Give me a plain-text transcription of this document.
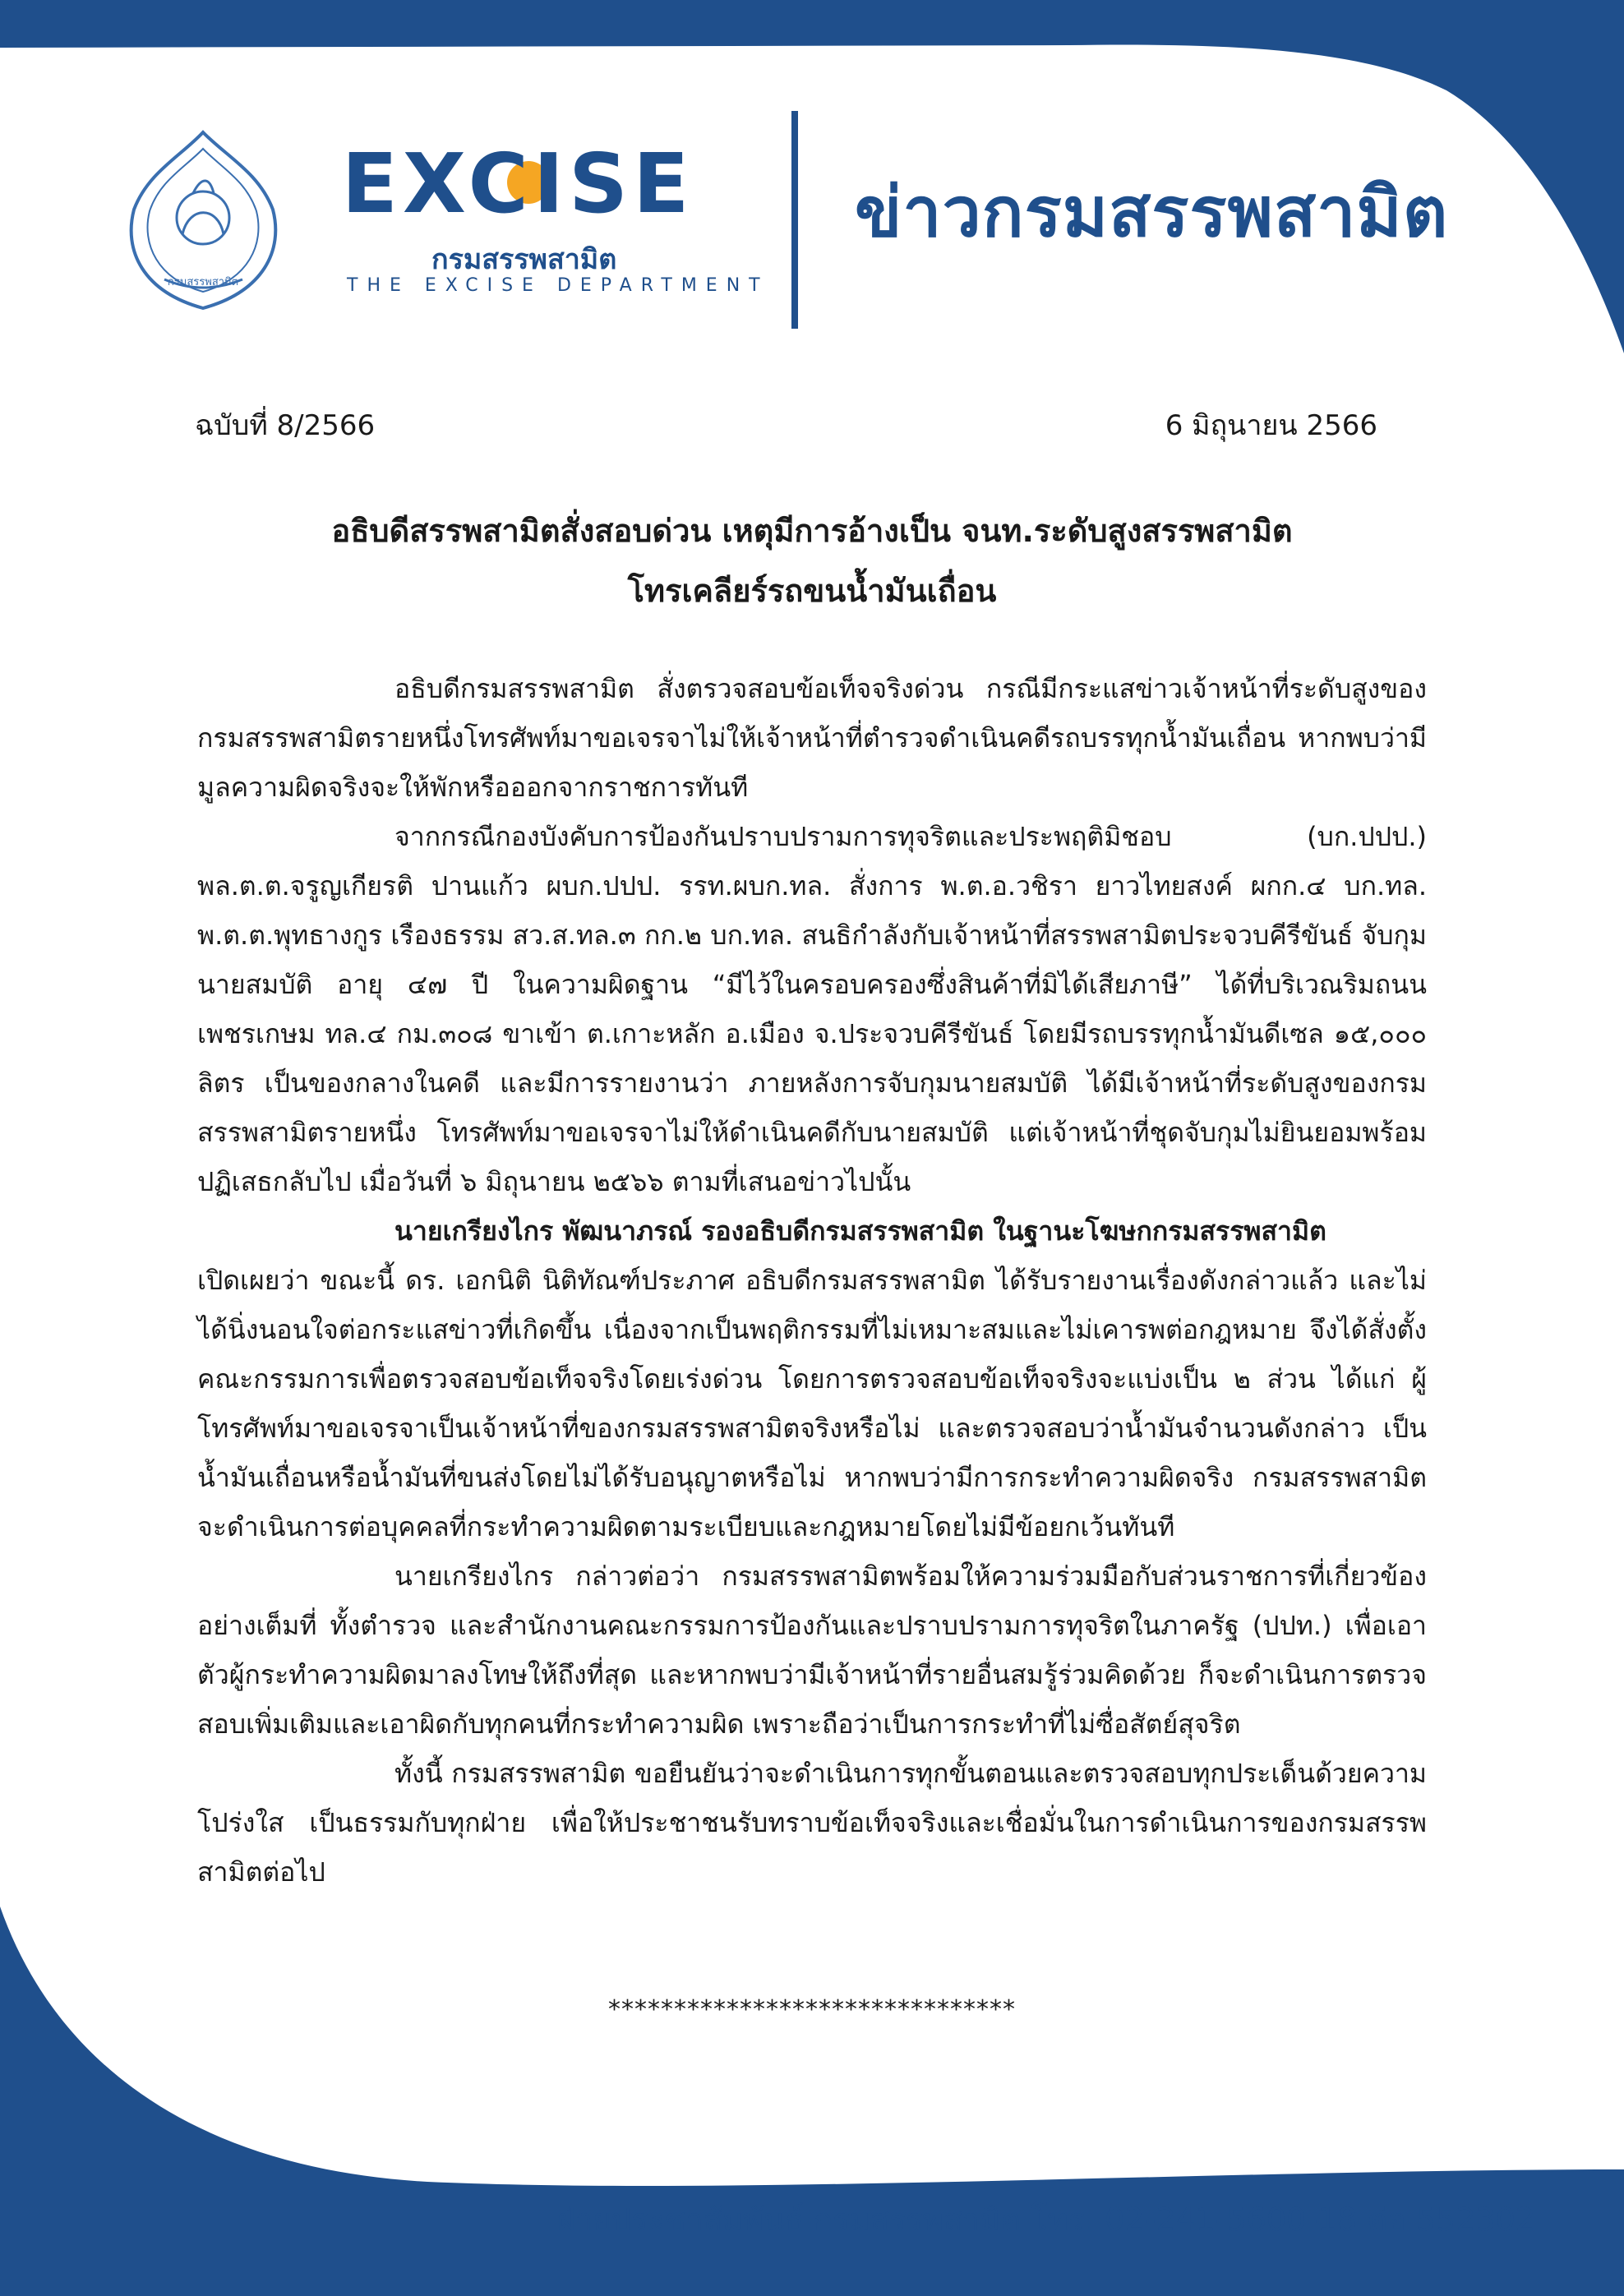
กรมสรรพสามิต
EXCISE
กรมสรรพสามิต
THE EXCISE DEPARTMENT
ข่าวกรมสรรพสามิต
ฉบับที่ 8/2566	6 มิถุนายน 2566
อธิบดีสรรพสามิตสั่งสอบด่วน เหตุมีการอ้างเป็น จนท.ระดับสูงสรรพสามิต
โทรเคลียร์รถขนน้ำมันเถื่อน

อธิบดีกรมสรรพสามิต สั่งตรวจสอบข้อเท็จจริงด่วน กรณีมีกระแสข่าวเจ้าหน้าที่ระดับสูงของกรมสรรพสามิตรายหนึ่งโทรศัพท์มาขอเจรจาไม่ให้เจ้าหน้าที่ตำรวจดำเนินคดีรถบรรทุกน้ำมันเถื่อน หากพบว่ามีมูลความผิดจริงจะให้พักหรือออกจากราชการทันที

จากกรณีกองบังคับการป้องกันปราบปรามการทุจริตและประพฤติมิชอบ (บก.ปปป.) พล.ต.ต.จรูญเกียรติ ปานแก้ว ผบก.ปปป. รรท.ผบก.ทล. สั่งการ พ.ต.อ.วชิรา ยาวไทยสงค์ ผกก.๔ บก.ทล. พ.ต.ต.พุทธางกูร เรืองธรรม สว.ส.ทล.๓ กก.๒ บก.ทล. สนธิกำลังกับเจ้าหน้าที่สรรพสามิตประจวบคีรีขันธ์ จับกุม นายสมบัติ อายุ ๔๗ ปี ในความผิดฐาน “มีไว้ในครอบครองซึ่งสินค้าที่มิได้เสียภาษี” ได้ที่บริเวณริมถนนเพชรเกษม ทล.๔ กม.๓๐๘ ขาเข้า ต.เกาะหลัก อ.เมือง จ.ประจวบคีรีขันธ์ โดยมีรถบรรทุกน้ำมันดีเซล ๑๕,๐๐๐ ลิตร เป็นของกลางในคดี และมีการรายงานว่า ภายหลังการจับกุมนายสมบัติ ได้มีเจ้าหน้าที่ระดับสูงของกรมสรรพสามิตรายหนึ่ง โทรศัพท์มาขอเจรจาไม่ให้ดำเนินคดีกับนายสมบัติ แต่เจ้าหน้าที่ชุดจับกุมไม่ยินยอมพร้อมปฏิเสธกลับไป เมื่อวันที่ ๖ มิถุนายน ๒๕๖๖ ตามที่เสนอข่าวไปนั้น

นายเกรียงไกร พัฒนาภรณ์ รองอธิบดีกรมสรรพสามิต ในฐานะโฆษกกรมสรรพสามิต
เปิดเผยว่า ขณะนี้ ดร. เอกนิติ นิติทัณฑ์ประภาศ อธิบดีกรมสรรพสามิต ได้รับรายงานเรื่องดังกล่าวแล้ว และไม่ได้นิ่งนอนใจต่อกระแสข่าวที่เกิดขึ้น เนื่องจากเป็นพฤติกรรมที่ไม่เหมาะสมและไม่เคารพต่อกฎหมาย จึงได้สั่งตั้งคณะกรรมการเพื่อตรวจสอบข้อเท็จจริงโดยเร่งด่วน โดยการตรวจสอบข้อเท็จจริงจะแบ่งเป็น ๒ ส่วน ได้แก่ ผู้โทรศัพท์มาขอเจรจาเป็นเจ้าหน้าที่ของกรมสรรพสามิตจริงหรือไม่ และตรวจสอบว่าน้ำมันจำนวนดังกล่าว เป็นน้ำมันเถื่อนหรือน้ำมันที่ขนส่งโดยไม่ได้รับอนุญาตหรือไม่ หากพบว่ามีการกระทำความผิดจริง กรมสรรพสามิตจะดำเนินการต่อบุคคลที่กระทำความผิดตามระเบียบและกฎหมายโดยไม่มีข้อยกเว้นทันที

นายเกรียงไกร กล่าวต่อว่า กรมสรรพสามิตพร้อมให้ความร่วมมือกับส่วนราชการที่เกี่ยวข้องอย่างเต็มที่ ทั้งตำรวจ และสำนักงานคณะกรรมการป้องกันและปราบปรามการทุจริตในภาครัฐ (ปปท.) เพื่อเอาตัวผู้กระทำความผิดมาลงโทษให้ถึงที่สุด และหากพบว่ามีเจ้าหน้าที่รายอื่นสมรู้ร่วมคิดด้วย ก็จะดำเนินการตรวจสอบเพิ่มเติมและเอาผิดกับทุกคนที่กระทำความผิด เพราะถือว่าเป็นการกระทำที่ไม่ซื่อสัตย์สุจริต

ทั้งนี้ กรมสรรพสามิต ขอยืนยันว่าจะดำเนินการทุกขั้นตอนและตรวจสอบทุกประเด็นด้วยความโปร่งใส เป็นธรรมกับทุกฝ่าย เพื่อให้ประชาชนรับทราบข้อเท็จจริงและเชื่อมั่นในการดำเนินการของกรมสรรพสามิตต่อไป

*******************************
ฝ่ายประชาสัมพันธ์ กรมสรรพสามิต โทร. 02-241-5600-18 ต่อ 552302
